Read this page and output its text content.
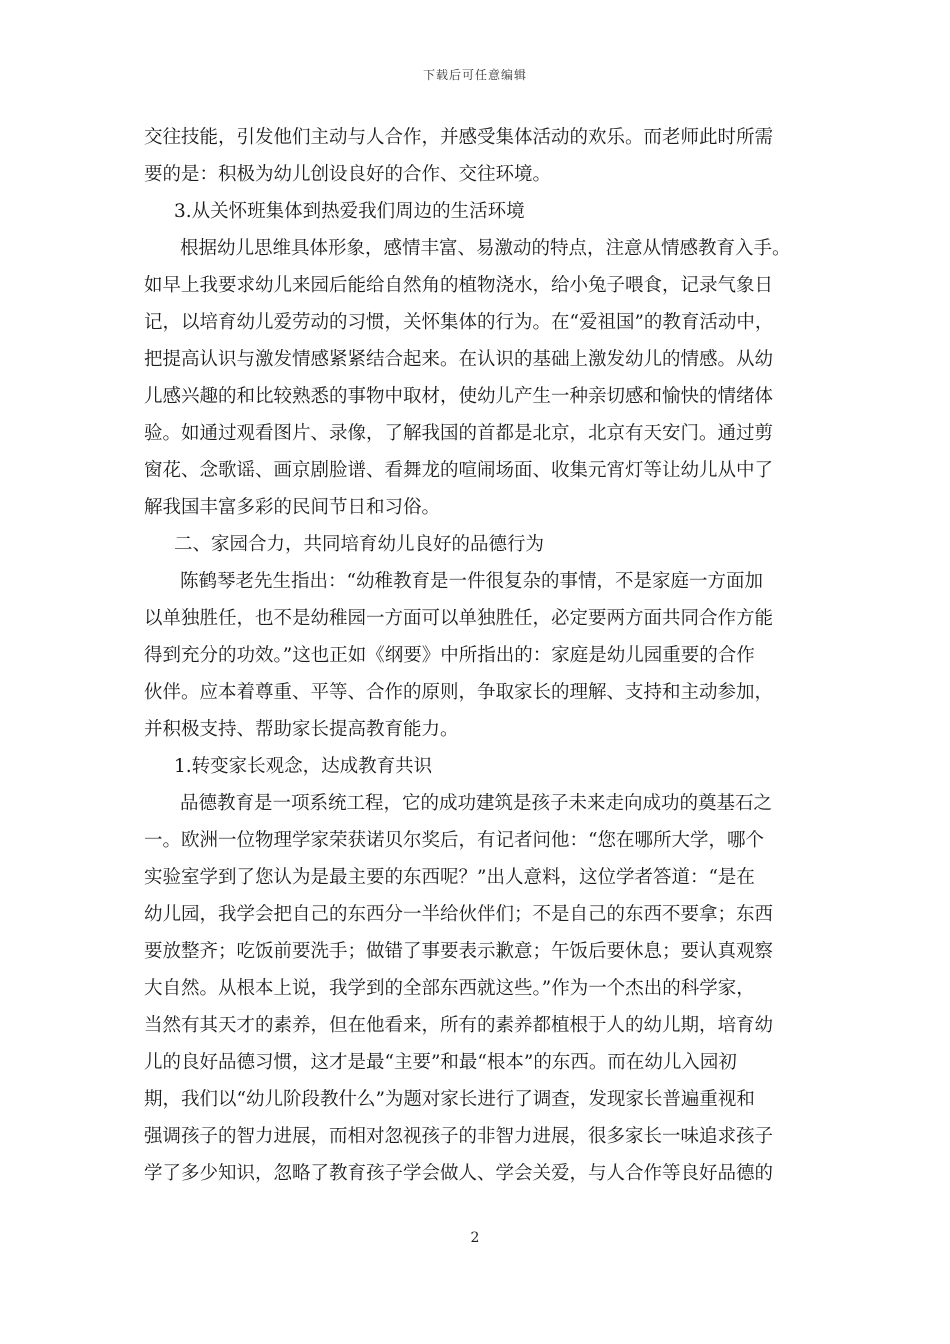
下载后可任意编辑
交往技能，引发他们主动与人合作，并感受集体活动的欢乐。而老师此时所需
要的是：积极为幼儿创设良好的合作、交往环境。
3.从关怀班集体到热爱我们周边的生活环境
根据幼儿思维具体形象，感情丰富、易激动的特点，注意从情感教育入手。
如早上我要求幼儿来园后能给自然角的植物浇水，给小兔子喂食，记录气象日
记，以培育幼儿爱劳动的习惯，关怀集体的行为。在“爱祖国”的教育活动中，
把提高认识与激发情感紧紧结合起来。在认识的基础上激发幼儿的情感。从幼
儿感兴趣的和比较熟悉的事物中取材，使幼儿产生一种亲切感和愉快的情绪体
验。如通过观看图片、录像，了解我国的首都是北京，北京有天安门。通过剪
窗花、念歌谣、画京剧脸谱、看舞龙的喧闹场面、收集元宵灯等让幼儿从中了
解我国丰富多彩的民间节日和习俗。
二、家园合力，共同培育幼儿良好的品德行为
陈鹤琴老先生指出：“幼稚教育是一件很复杂的事情，不是家庭一方面加
以单独胜任，也不是幼稚园一方面可以单独胜任，必定要两方面共同合作方能
得到充分的功效。”这也正如《纲要》中所指出的：家庭是幼儿园重要的合作
伙伴。应本着尊重、平等、合作的原则，争取家长的理解、支持和主动参加，
并积极支持、帮助家长提高教育能力。
1.转变家长观念，达成教育共识
品德教育是一项系统工程，它的成功建筑是孩子未来走向成功的奠基石之
一。欧洲一位物理学家荣获诺贝尔奖后，有记者问他：“您在哪所大学，哪个
实验室学到了您认为是最主要的东西呢？”出人意料，这位学者答道：“是在
幼儿园，我学会把自己的东西分一半给伙伴们；不是自己的东西不要拿；东西
要放整齐；吃饭前要洗手；做错了事要表示歉意；午饭后要休息；要认真观察
大自然。从根本上说，我学到的全部东西就这些。”作为一个杰出的科学家，
当然有其天才的素养，但在他看来，所有的素养都植根于人的幼儿期，培育幼
儿的良好品德习惯，这才是最“主要”和最“根本”的东西。而在幼儿入园初
期，我们以“幼儿阶段教什么”为题对家长进行了调查，发现家长普遍重视和
强调孩子的智力进展，而相对忽视孩子的非智力进展，很多家长一味追求孩子
学了多少知识，忽略了教育孩子学会做人、学会关爱，与人合作等良好品德的
2
